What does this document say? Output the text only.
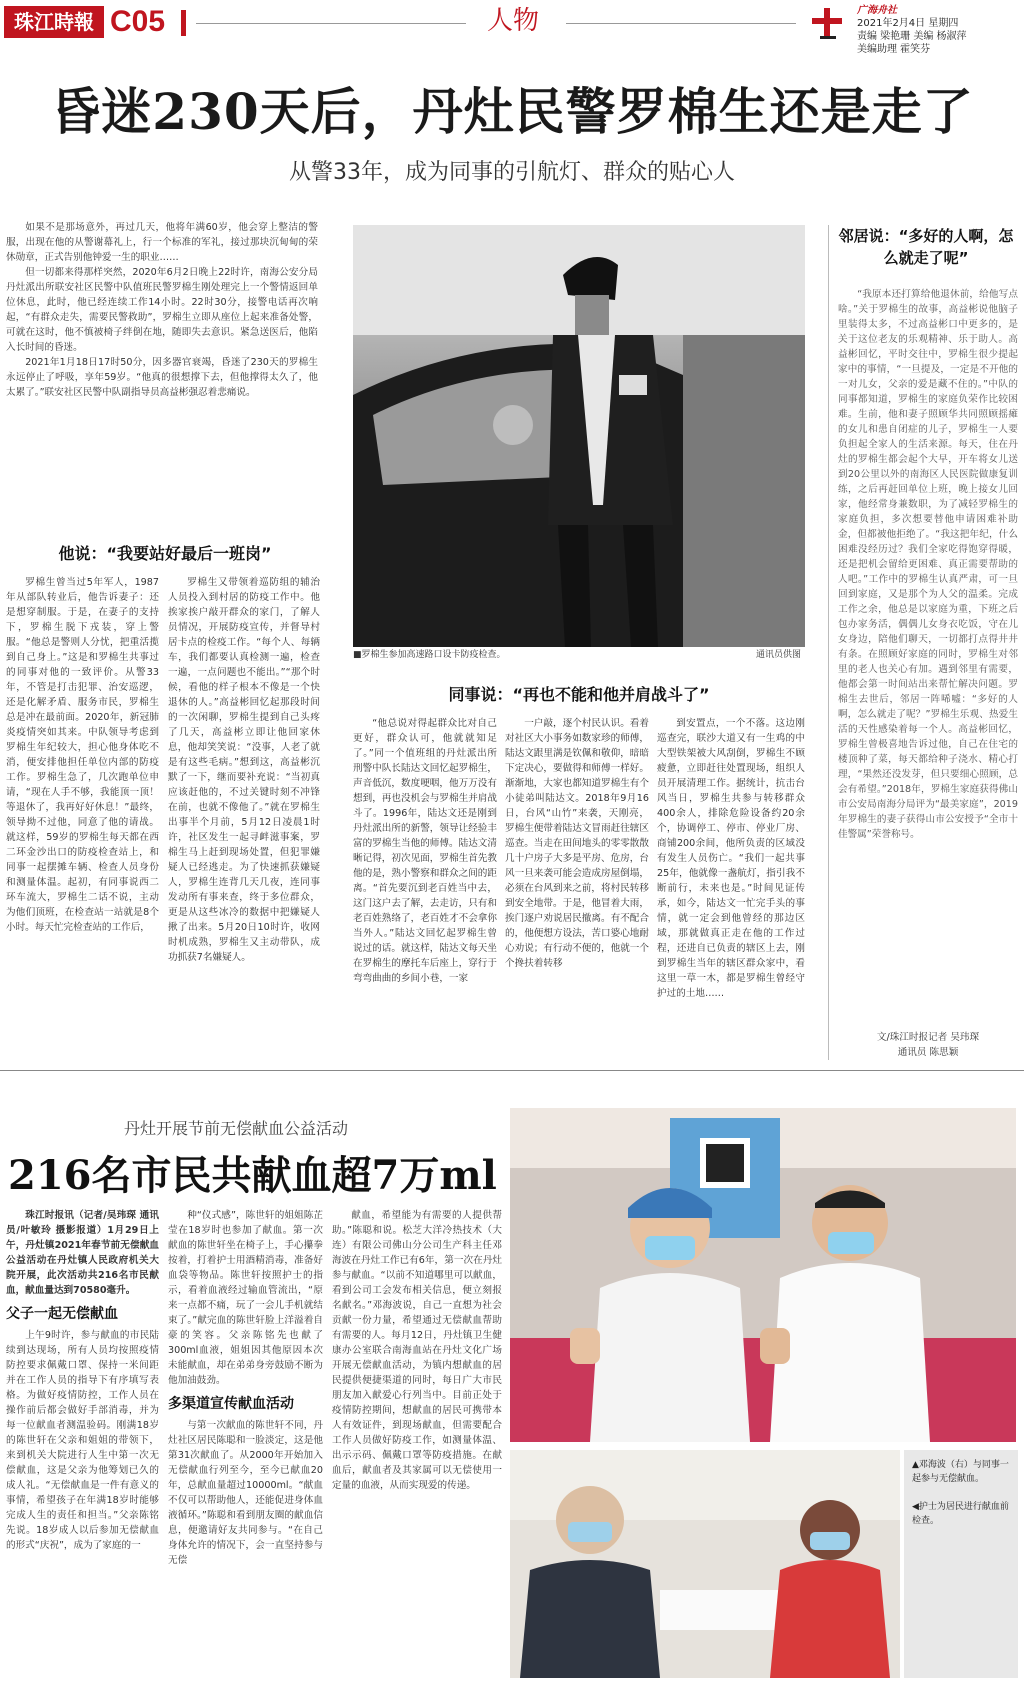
珠江時報 C05	人物	广海舟社
2021年2月4日 星期四
责编 梁艳珊 美编 杨淑萍
美编助理 霍笑芬
昏迷230天后，丹灶民警罗棉生还是走了
从警33年，成为同事的引航灯、群众的贴心人

如果不是那场意外，再过几天，他将年满60岁，他会穿上整洁的警服，出现在他的从警谢幕礼上，行一个标准的军礼，接过那块沉甸甸的荣休勋章，正式告别他钟爱一生的职业……

但一切都来得那样突然，2020年6月2日晚上22时许，南海公安分局丹灶派出所联安社区民警中队值班民警罗棉生刚处理完上一个警情返回单位休息，此时，他已经连续工作14小时。22时30分，接警电话再次响起，“有群众走失，需要民警救助”，罗棉生立即从座位上起来准备处警，可就在这时，他不慎被椅子绊倒在地，随即失去意识。紧急送医后，他陷入长时间的昏迷。

2021年1月18日17时50分，因多器官衰竭，昏迷了230天的罗棉生永远停止了呼吸，享年59岁。“他真的很想撑下去，但他撑得太久了，他太累了。”联安社区民警中队副指导员高益彬强忍着悲痛说。

■罗棉生参加高速路口设卡防疫检查。	通讯员供图
他说：“我要站好最后一班岗”

罗棉生曾当过5年军人，1987年从部队转业后，他告诉妻子：还是想穿制服。于是，在妻子的支持下，罗棉生脱下戎装，穿上警服。“他总是警则人分忧，把重活揽到自己身上。”这是和罗棉生共事过的同事对他的一致评价。从警33年，不管是打击犯罪、治安巡逻，还是化解矛盾、服务市民，罗棉生总是冲在最前面。2020年，新冠肺炎疫情突如其来。中队领导考虑到罗棉生年纪较大，担心他身体吃不消，便安排他担任单位内部的防疫工作。罗棉生急了，几次跑单位申请，“现在人手不够，我能顶一顶！等退休了，我再好好休息！”最终，领导拗不过他，同意了他的请战。就这样，59岁的罗棉生每天都在西二环金沙出口的防疫检查站上，和同事一起摆摊车辆、检查人员身份和测量体温。起初，有同事说西二环车流大，罗棉生二话不说，主动为他们顶班，在检查站一站就是8个小时。每天忙完检查站的工作后，

罗棉生又带领着巡防组的辅治人员投入到村居的防疫工作中。他挨家挨户敲开群众的家门，了解人员情况，开展防疫宣传，并督导村居卡点的检疫工作。“每个人、每辆车，我们都要认真检测一遍，检查一遍，一点问题也不能出。”“那个时候，看他的样子根本不像是一个快退休的人。”高益彬回忆起那段时间的一次闲聊，罗棉生提到自己头疼了几天，高益彬立即让他回家休息，他却笑笑说：“没事，人老了就是有这些毛病。”想到这，高益彬沉默了一下，继而要补充说：“当初真应该赶他的，不过关键时刻不冲锋在前，也就不像他了。”就在罗棉生出事半个月前，5月12日凌晨1时许，社区发生一起寻衅滋事案，罗棉生马上赶到现场处置，但犯罪嫌疑人已经逃走。为了快速抓获嫌疑人，罗棉生连背几天几夜，连同事发动所有事来查，终于多位群众，更是从这些冰冷的数据中把嫌疑人揪了出来。5月20日10时许，收网时机成熟，罗棉生又主动带队，成功抓获7名嫌疑人。

同事说：“再也不能和他并肩战斗了”

“他总说对得起群众比对自己更好，群众认可，他就就知足了。”同一个值班组的丹灶派出所刑警中队长陆达文回忆起罗棉生，声音低沉，数度哽咽，他万万没有想到，再也没机会与罗棉生并肩战斗了。1996年，陆达文还是刚到丹灶派出所的新警，领导让经验丰富的罗棉生当他的师傅。陆达文清晰记得，初次见面，罗棉生首先教他的是，熟小警察和群众之间的距离。“首先要沉到老百姓当中去，这门这户去了解，去走访，只有和老百姓熟络了，老百姓才不会拿你当外人。”陆达文回忆起罗棉生曾说过的话。就这样，陆达文每天坐在罗棉生的摩托车后座上，穿行于弯弯曲曲的乡间小巷，一家

一户敲，逐个村民认识。看着对社区大小事务如数家珍的师傅，陆达文跟里满是钦佩和敬仰，暗暗下定决心，要做得和师傅一样好。渐渐地，大家也都知道罗棉生有个小徒弟叫陆达文。2018年9月16日，台风“山竹”来袭，天刚亮，罗棉生便带着陆达文冒雨赶往辖区巡查。当走在田间地头的零零散散几十户房子大多是平房、危房，台风一旦来袭可能会造成房屋倒塌，必须在台风到来之前，将村民转移到安全地带。于是，他冒着大雨，挨门逐户劝说居民撤离。有不配合的，他便想方设法，苦口婆心地耐心劝说；有行动不便的，他就一个个搀扶着转移

到安置点，一个不落。这边刚巡查完，联沙大道又有一生鸡的中大型铁架被大风刮倒，罗棉生不顾疲惫，立即赶往处置现场，组织人员开展清理工作。据统计，抗击台风当日，罗棉生共参与转移群众400余人，排除危险设备约20余个，协调停工、停市、停业厂房、商铺200余间，他所负责的区域没有发生人员伤亡。“我们一起共事25年，他就像一盏航灯，指引我不断前行，未来也是。”时间见证传承，如今，陆达文一忙完手头的事情，就一定会到他曾经的那边区域，那就做真正走在他的工作过程，还进自已负责的辖区上去，刚到罗棉生当年的辖区群众家中，看这里一草一木，都是罗棉生曾经守护过的土地……

邻居说：“多好的人啊，怎么就走了呢”

“我原本还打算给他退休前，给他写点啥。”关于罗棉生的故事，高益彬说他脑子里装得太多，不过高益彬口中更多的，是关于这位老友的乐观精神、乐于助人。高益彬回忆，平时交往中，罗棉生很少提起家中的事情，“一旦提及，一定是不开他的一对儿女，父亲的爱是藏不住的。”中队的同事都知道，罗棉生的家庭负荣作比较困难。生前，他和妻子照顾华共同照顾摇瘫的女儿和患自闭症的儿子，罗棉生一人要负担起全家人的生活来源。每天，住在丹灶的罗棉生都会起个大早，开车将女儿送到20公里以外的南海区人民医院做康复训练，之后再赶回单位上班，晚上接女儿回家，他经常身兼数职，为了减轻罗棉生的家庭负担，多次想要替他申请困难补助金，但都被他拒绝了。“我这把年纪，什么困难没经历过？我们全家吃得饱穿得暖，还是把机会留给更困难、真正需要帮助的人吧。”工作中的罗棉生认真严肃，可一旦回到家庭，又是那个为人父的温柔。完成工作之余，他总是以家庭为重，下班之后包办家务活，偶偶儿女身衣吃饭，守在儿女身边，陪他们聊天，一切都打点得井井有条。在照顾好家庭的同时，罗棉生对邻里的老人也关心有加。遇到邻里有需要，他都会第一时间站出来帮忙解决问题。罗棉生去世后，邻居一阵唏嘘：“多好的人啊，怎么就走了呢？”罗棉生乐观、热爱生活的天性感染着每一个人。高益彬回忆，罗棉生曾极喜地告诉过他，自己在住宅的楼顶种了菜，每天都给种子浇水、精心打理，“果然还没发芽，但只要细心照顾，总会有希望。”2018年，罗棉生家庭获得佛山市公安局南海分局评为“最美家庭”，2019年罗棉生的妻子获得山市公安授予“全市十佳警属”荣誉称号。

文/珠江时报记者 吴玮琛
通讯员 陈思颖
丹灶开展节前无偿献血公益活动
216名市民共献血超7万ml

珠江时报讯（记者/吴玮琛 通讯员/叶敏玲 摄影报道）1月29日上午，丹灶镇2021年春节前无偿献血公益活动在丹灶镇人民政府机关大院开展，此次活动共216名市民献血，献血量达到70580毫升。

父子一起无偿献血

上午9时许，参与献血的市民陆续到达现场，所有人员均按照疫情防控要求佩戴口罩、保持一米间距并在工作人员的指导下有序填写表格。为做好疫情防控，工作人员在操作前后都会做好手部消毒，并为每一位献血者测温验码。刚满18岁的陈世轩在父亲和姐姐的带领下，来到机关大院进行人生中第一次无偿献血，这是父亲为他筹划已久的成人礼。“无偿献血是一件有意义的事情，希望孩子在年满18岁时能够完成人生的责任和担当。”父亲陈铭先说。18岁成人以后参加无偿献血的形式“庆祝”，成为了家庭的一

种“仪式感”，陈世轩的姐姐陈芷莹在18岁时也参加了献血。第一次献血的陈世轩坐在椅子上，手心攥拳按着，打着护士用酒精消毒，准备好血袋等物品。陈世轩按照护士的指示，看着血液经过输血管流出，“原来一点都不痛，玩了一会儿手机就结束了。”献完血的陈世轩脸上洋溢着自豪的笑容。父亲陈铭先也献了300ml血液，姐姐因其他原因本次未能献血，却在弟弟身旁鼓励不断为他加油鼓劲。

多渠道宣传献血活动

与第一次献血的陈世轩不同，丹灶社区居民陈聪和一脸淡定，这是他第31次献血了。从2000年开始加入无偿献血行列至今，至今已献血20年，总献血量超过10000ml。“献血不仅可以帮助他人，还能促进身体血液循环。”陈聪和看到朋友圈的献血信息，便邀请好友共同参与。“在自己身体允许的情况下，会一直坚持参与无偿

献血，希望能为有需要的人提供帮助。”陈聪和说。松芝大洋冷热技术（大连）有限公司佛山分公司生产科主任邓海波在丹灶工作已有6年，第一次在丹灶参与献血。“以前不知道哪里可以献血，看到公司工会发布相关信息，便立刻报名献名。”邓海波说，自己一直想为社会贡献一份力量，希望通过无偿献血帮助有需要的人。每月12日，丹灶镇卫生健康办公室联合南海血站在丹灶文化广场开展无偿献血活动，为镇内想献血的居民提供便捷渠道的同时，每日广大市民朋友加入献爱心行列当中。目前正处于疫情防控期间，想献血的居民可携带本人有效证件，到现场献血，但需要配合工作人员做好防疫工作，如测量体温、出示示码、佩戴口罩等防疫措施。在献血后，献血者及其家属可以无偿使用一定量的血液，从而实现爱的传递。

▲邓海波（右）与同事一起参与无偿献血。
◀护士为居民进行献血前检查。
